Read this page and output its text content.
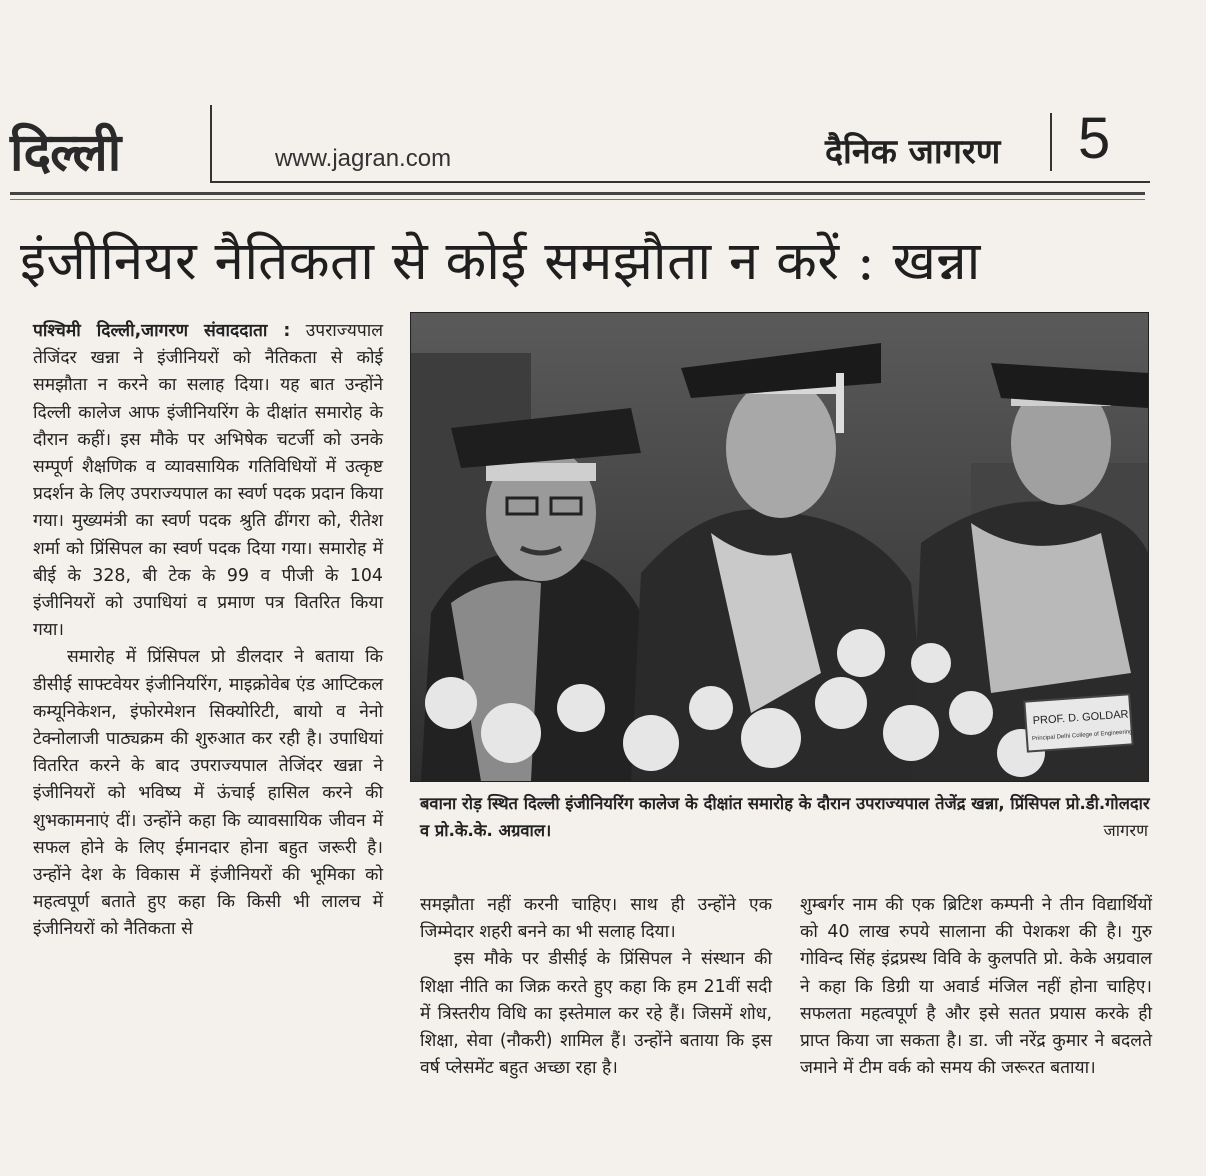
दिल्ली	www.jagran.com	दैनिक जागरण 5
इंजीनियर नैतिकता से कोई समझौता न करें : खन्ना

पश्चिमी दिल्ली,जागरण संवाददाता : उपराज्यपाल तेजिंदर खन्ना ने इंजीनियरों को नैतिकता से कोई समझौता न करने का सलाह दिया। यह बात उन्होंने दिल्ली कालेज आफ इंजीनियरिंग के दीक्षांत समारोह के दौरान कहीं। इस मौके पर अभिषेक चटर्जी को उनके सम्पूर्ण शैक्षणिक व व्यावसायिक गतिविधियों में उत्कृष्ट प्रदर्शन के लिए उपराज्यपाल का स्वर्ण पदक प्रदान किया गया। मुख्यमंत्री का स्वर्ण पदक श्रुति ढींगरा को, रीतेश शर्मा को प्रिंसिपल का स्वर्ण पदक दिया गया। समारोह में बीई के 328, बी टेक के 99 व पीजी के 104 इंजीनियरों को उपाधियां व प्रमाण पत्र वितरित किया गया।

समारोह में प्रिंसिपल प्रो डीलदार ने बताया कि डीसीई साफ्टवेयर इंजीनियरिंग, माइक्रोवेब एंड आप्टिकल कम्यूनिकेशन, इंफोरमेशन सिक्योरिटी, बायो व नेनो टेक्नोलाजी पाठ्यक्रम की शुरुआत कर रही है। उपाधियां वितरित करने के बाद उपराज्यपाल तेजिंदर खन्ना ने इंजीनियरों को भविष्य में ऊंचाई हासिल करने की शुभकामनाएं दीं। उन्होंने कहा कि व्यावसायिक जीवन में सफल होने के लिए ईमानदार होना बहुत जरूरी है। उन्होंने देश के विकास में इंजीनियरों की भूमिका को महत्वपूर्ण बताते हुए कहा कि किसी भी लालच में इंजीनियरों को नैतिकता से

PROF. D. GOLDAR
Principal Delhi College of Engineering
बवाना रोड़ स्थित दिल्ली इंजीनियरिंग कालेज के दीक्षांत समारोह के दौरान उपराज्यपाल तेजेंद्र खन्ना, प्रिंसिपल प्रो.डी.गोलदार व प्रो.के.के. अग्रवाल।	जागरण

समझौता नहीं करनी चाहिए। साथ ही उन्होंने एक जिम्मेदार शहरी बनने का भी सलाह दिया।

इस मौके पर डीसीई के प्रिंसिपल ने संस्थान की शिक्षा नीति का जिक्र करते हुए कहा कि हम 21वीं सदी में त्रिस्तरीय विधि का इस्तेमाल कर रहे हैं। जिसमें शोध, शिक्षा, सेवा (नौकरी) शामिल हैं। उन्होंने बताया कि इस वर्ष प्लेसमेंट बहुत अच्छा रहा है।

शुम्बर्गर नाम की एक ब्रिटिश कम्पनी ने तीन विद्यार्थियों को 40 लाख रुपये सालाना की पेशकश की है। गुरु गोविन्द सिंह इंद्रप्रस्थ विवि के कुलपति प्रो. केके अग्रवाल ने कहा कि डिग्री या अवार्ड मंजिल नहीं होना चाहिए। सफलता महत्वपूर्ण है और इसे सतत प्रयास करके ही प्राप्त किया जा सकता है। डा. जी नरेंद्र कुमार ने बदलते जमाने में टीम वर्क को समय की जरूरत बताया।
